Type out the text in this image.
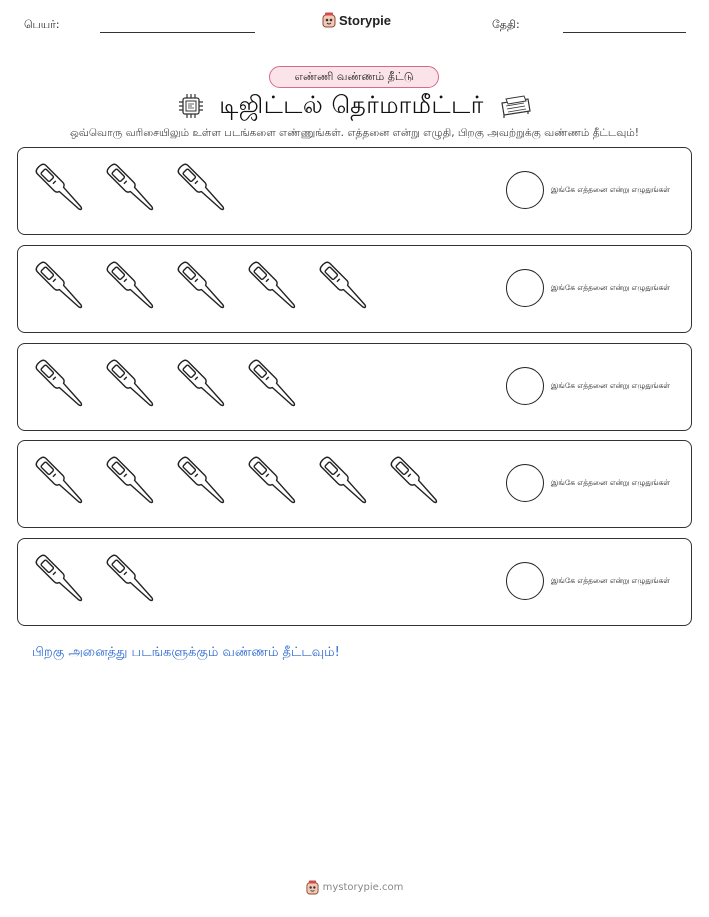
பெயர்:	Storypie	தேதி:
எண்ணி வண்ணம் தீட்டு
டிஜிட்டல் தெர்மாமீட்டர்
ஒவ்வொரு வரிசையிலும் உள்ள படங்களை எண்ணுங்கள். எத்தனை என்று எழுதி, பிறகு அவற்றுக்கு வண்ணம் தீட்டவும்!
இங்கே எத்தனை என்று எழுதுங்கள்
இங்கே எத்தனை என்று எழுதுங்கள்
இங்கே எத்தனை என்று எழுதுங்கள்
இங்கே எத்தனை என்று எழுதுங்கள்
இங்கே எத்தனை என்று எழுதுங்கள்
பிறகு அனைத்து படங்களுக்கும் வண்ணம் தீட்டவும்!
mystorypie.com
